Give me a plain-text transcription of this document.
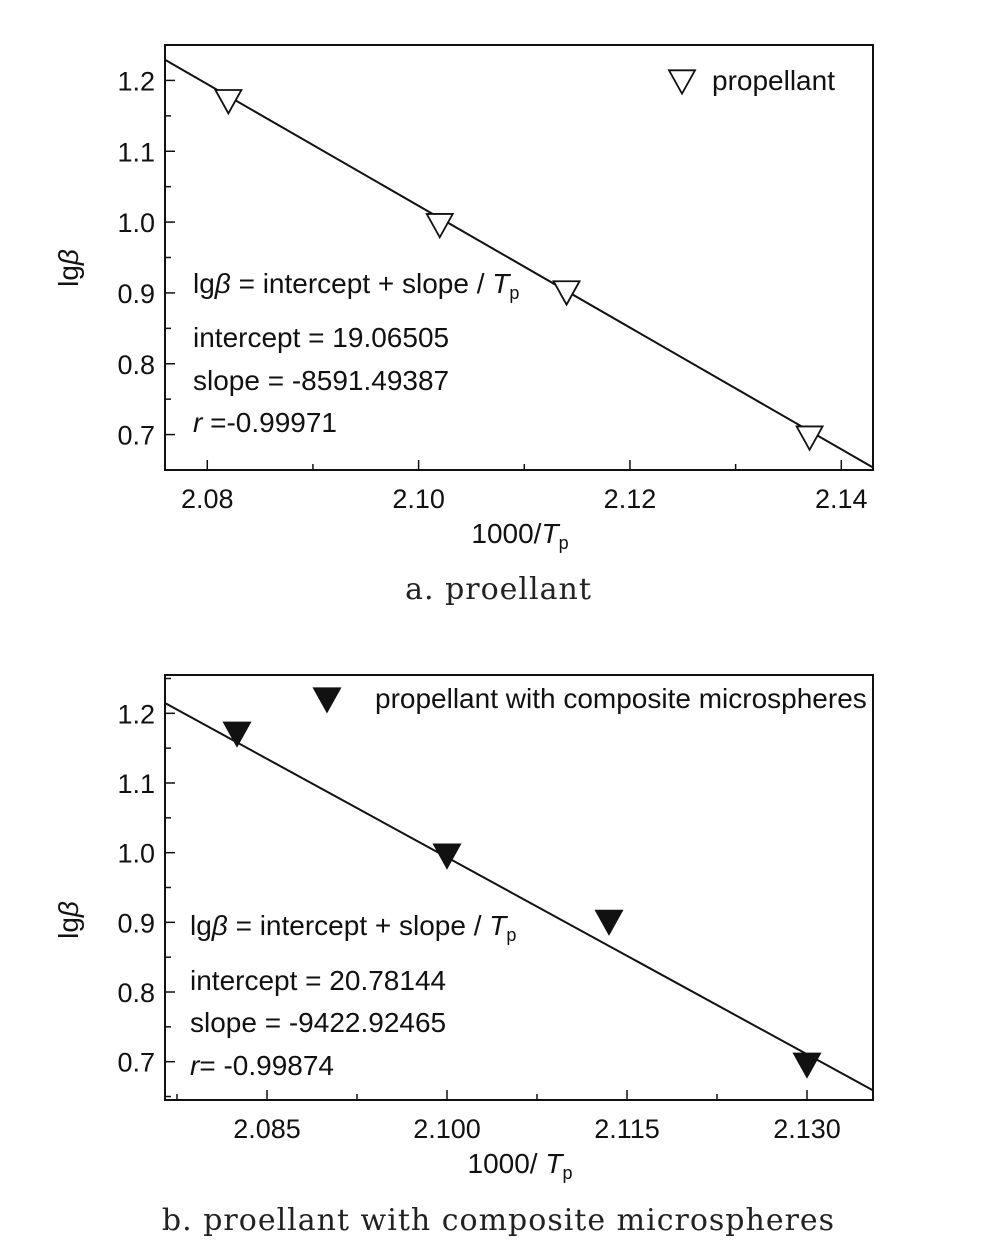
2.08	2.10	2.12	2.14
0.7
0.8
0.9
1.0
1.1
1.2	propellant
lgβ = intercept + slope / $T_p$
intercept = 19.06505
slope = -8591.49387
r =-0.99971
$1000/T_p$
lgβ
a. proellant
2.085	2.100	2.115	2.130
0.7
0.8
0.9
1.0
1.1
1.2
propellant with composite microspheres
lgβ = intercept + slope / $T_p$
intercept = 20.78144
slope = -9422.92465
r= -0.99874
1000/ $T_p$
lgβ
b. proellant with composite microspheres
